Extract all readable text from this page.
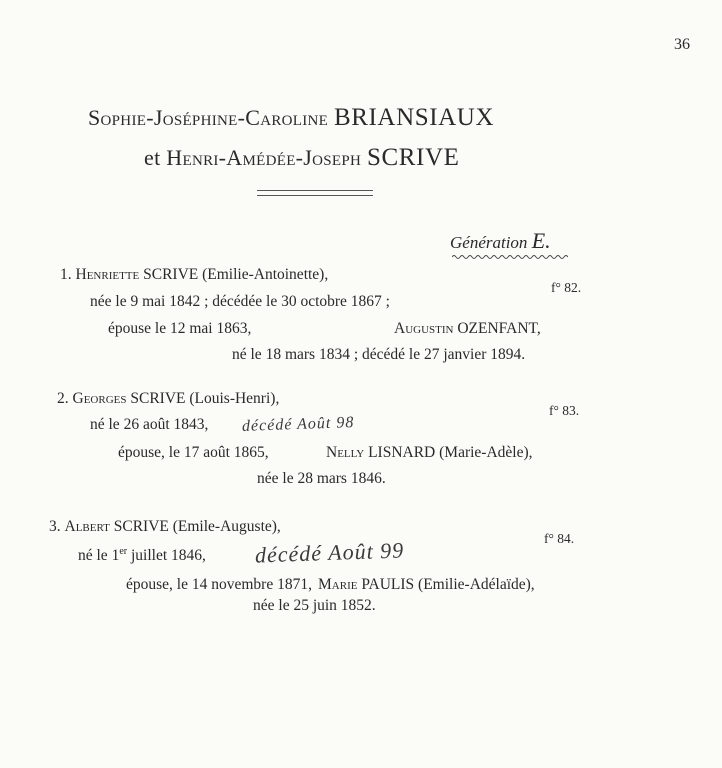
36
Sophie-Joséphine-Caroline BRIANSIAUX
et Henri-Amédée-Joseph SCRIVE
Génération E.
1. Henriette SCRIVE (Emilie-Antoinette),
f° 82.
née le 9 mai 1842 ; décédée le 30 octobre 1867 ;
épouse le 12 mai 1863,	Augustin OZENFANT,
né le 18 mars 1834 ; décédé le 27 janvier 1894.
2. Georges SCRIVE (Louis-Henri),
f° 83.
né le 26 août 1843, décédé Août 98
épouse, le 17 août 1865,	Nelly LISNARD (Marie-Adèle),
née le 28 mars 1846.
3. Albert SCRIVE (Emile-Auguste),
f° 84.
né le 1er juillet 1846, décédé Août 99
épouse, le 14 novembre 1871, Marie PAULIS (Emilie-Adélaïde),
née le 25 juin 1852.
